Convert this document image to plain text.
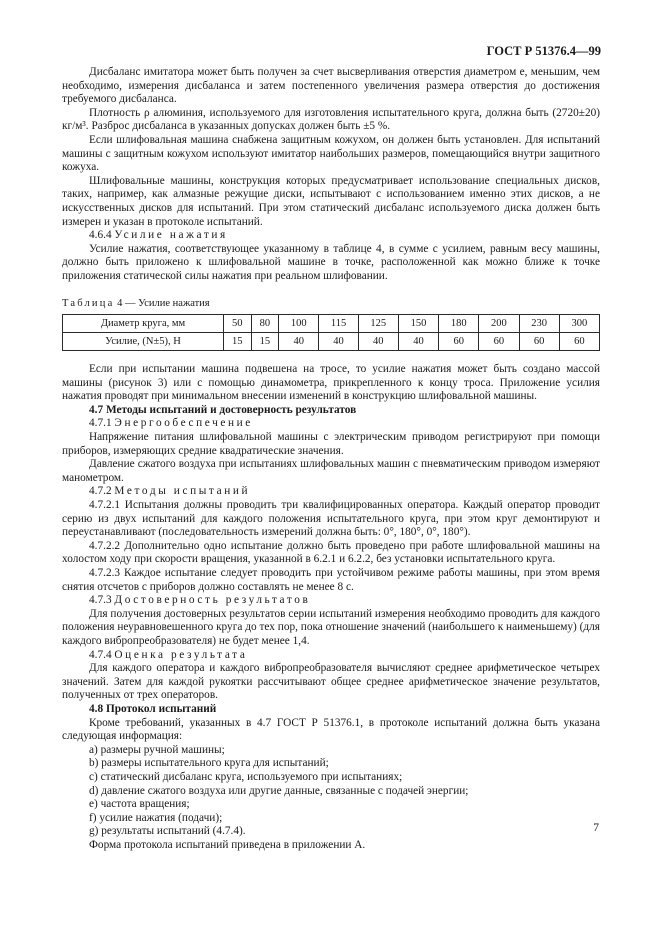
ГОСТ Р 51376.4—99

Дисбаланс имитатора может быть получен за счет высверливания отверстия диаметром e, меньшим, чем необходимо, измерения дисбаланса и затем постепенного увеличения размера отверстия до достижения требуемого дисбаланса.

Плотность ρ алюминия, используемого для изготовления испытательного круга, должна быть (2720±20) кг/м³. Разброс дисбаланса в указанных допусках должен быть ±5 %.

Если шлифовальная машина снабжена защитным кожухом, он должен быть установлен. Для испытаний машины с защитным кожухом используют имитатор наибольших размеров, помещающийся внутри защитного кожуха.

Шлифовальные машины, конструкция которых предусматривает использование специальных дисков, таких, например, как алмазные режущие диски, испытывают с использованием именно этих дисков, а не искусственных дисков для испытаний. При этом статический дисбаланс используемого диска должен быть измерен и указан в протоколе испытаний.

4.6.4 Усилие нажатия

Усилие нажатия, соответствующее указанному в таблице 4, в сумме с усилием, равным весу машины, должно быть приложено к шлифовальной машине в точке, расположенной как можно ближе к точке приложения статической силы нажатия при реальном шлифовании.

Таблица 4 — Усилие нажатия
Диаметр круга, мм	50	80	100	115	125	150	180	200	230	300
Усилие, (N±5), Н	15	15	40	40	40	40	60	60	60	60

Если при испытании машина подвешена на тросе, то усилие нажатия может быть создано массой машины (рисунок 3) или с помощью динамометра, прикрепленного к концу троса. Приложение усилия нажатия проводят при минимальном внесении изменений в конструкцию шлифовальной машины.

4.7 Методы испытаний и достоверность результатов

4.7.1 Энергообеспечение

Напряжение питания шлифовальной машины с электрическим приводом регистрируют при помощи приборов, измеряющих средние квадратические значения.

Давление сжатого воздуха при испытаниях шлифовальных машин с пневматическим приводом измеряют манометром.

4.7.2 Методы испытаний

4.7.2.1 Испытания должны проводить три квалифицированных оператора. Каждый оператор проводит серию из двух испытаний для каждого положения испытательного круга, при этом круг демонтируют и переустанавливают (последовательность измерений должна быть: 0°, 180°, 0°, 180°).

4.7.2.2 Дополнительно одно испытание должно быть проведено при работе шлифовальной машины на холостом ходу при скорости вращения, указанной в 6.2.1 и 6.2.2, без установки испытательного круга.

4.7.2.3 Каждое испытание следует проводить при устойчивом режиме работы машины, при этом время снятия отсчетов с приборов должно составлять не менее 8 с.

4.7.3 Достоверность результатов

Для получения достоверных результатов серии испытаний измерения необходимо проводить для каждого положения неуравновешенного круга до тех пор, пока отношение значений (наибольшего к наименьшему) (для каждого вибропреобразователя) не будет менее 1,4.

4.7.4 Оценка результата

Для каждого оператора и каждого вибропреобразователя вычисляют среднее арифметическое четырех значений. Затем для каждой рукоятки рассчитывают общее среднее арифметическое значение результатов, полученных от трех операторов.

4.8 Протокол испытаний

Кроме требований, указанных в 4.7 ГОСТ Р 51376.1, в протоколе испытаний должна быть указана следующая информация:

a) размеры ручной машины;
b) размеры испытательного круга для испытаний;
c) статический дисбаланс круга, используемого при испытаниях;
d) давление сжатого воздуха или другие данные, связанные с подачей энергии;
e) частота вращения;
f) усилие нажатия (подачи);
g) результаты испытаний (4.7.4).

Форма протокола испытаний приведена в приложении А.

7
